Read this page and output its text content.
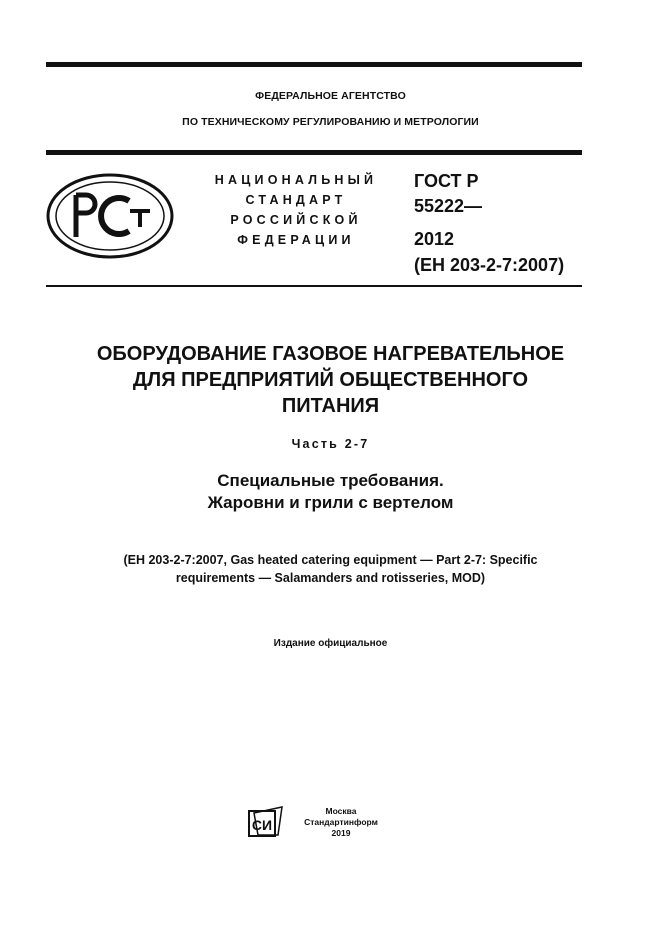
ФЕДЕРАЛЬНОЕ АГЕНТСТВО
ПО ТЕХНИЧЕСКОМУ РЕГУЛИРОВАНИЮ И МЕТРОЛОГИИ
РСТ
НАЦИОНАЛЬНЫЙ
СТАНДАРТ
РОССИЙСКОЙ
ФЕДЕРАЦИИ
ГОСТ Р
55222—
2012
(ЕН 203-2-7:2007)
ОБОРУДОВАНИЕ ГАЗОВОЕ НАГРЕВАТЕЛЬНОЕ
ДЛЯ ПРЕДПРИЯТИЙ ОБЩЕСТВЕННОГО
ПИТАНИЯ
Часть 2-7
Специальные требования.
Жаровни и грили с вертелом
(EH 203-2-7:2007, Gas heated catering equipment — Part 2-7: Specific
requirements — Salamanders and rotisseries, MOD)
Издание официальное
СИ
Москва
Стандартинформ
2019
